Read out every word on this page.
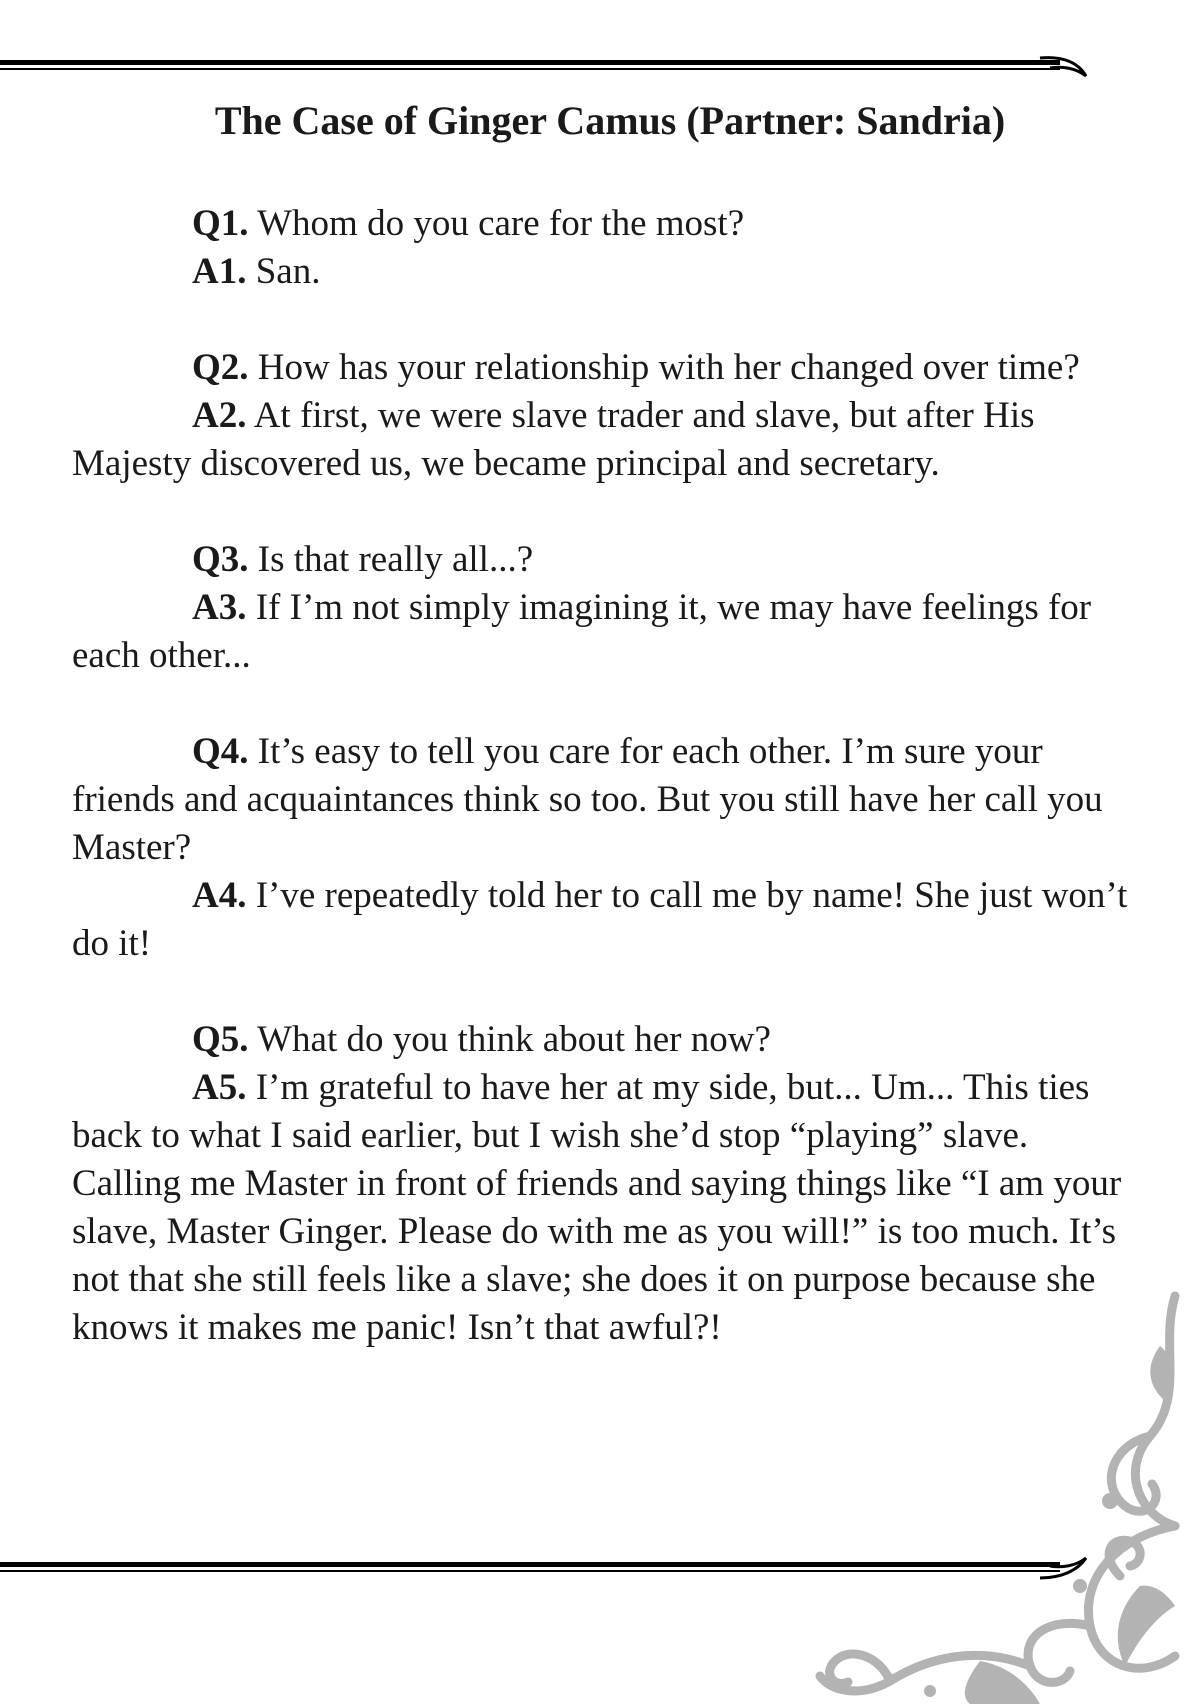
The Case of Ginger Camus (Partner: Sandria)

Q1. Whom do you care for the most?

A1. San.

Q2. How has your relationship with her changed over time?

A2. At first, we were slave trader and slave, but after His Majesty discovered us, we became principal and secretary.

Q3. Is that really all...?

A3. If I’m not simply imagining it, we may have feelings for each other...

Q4. It’s easy to tell you care for each other. I’m sure your friends and acquaintances think so too. But you still have her call you Master?

A4. I’ve repeatedly told her to call me by name! She just won’t do it!

Q5. What do you think about her now?

A5. I’m grateful to have her at my side, but... Um... This ties back to what I said earlier, but I wish she’d stop “playing” slave. Calling me Master in front of friends and saying things like “I am your slave, Master Ginger. Please do with me as you will!” is too much. It’s not that she still feels like a slave; she does it on purpose because she knows it makes me panic! Isn’t that awful?!
